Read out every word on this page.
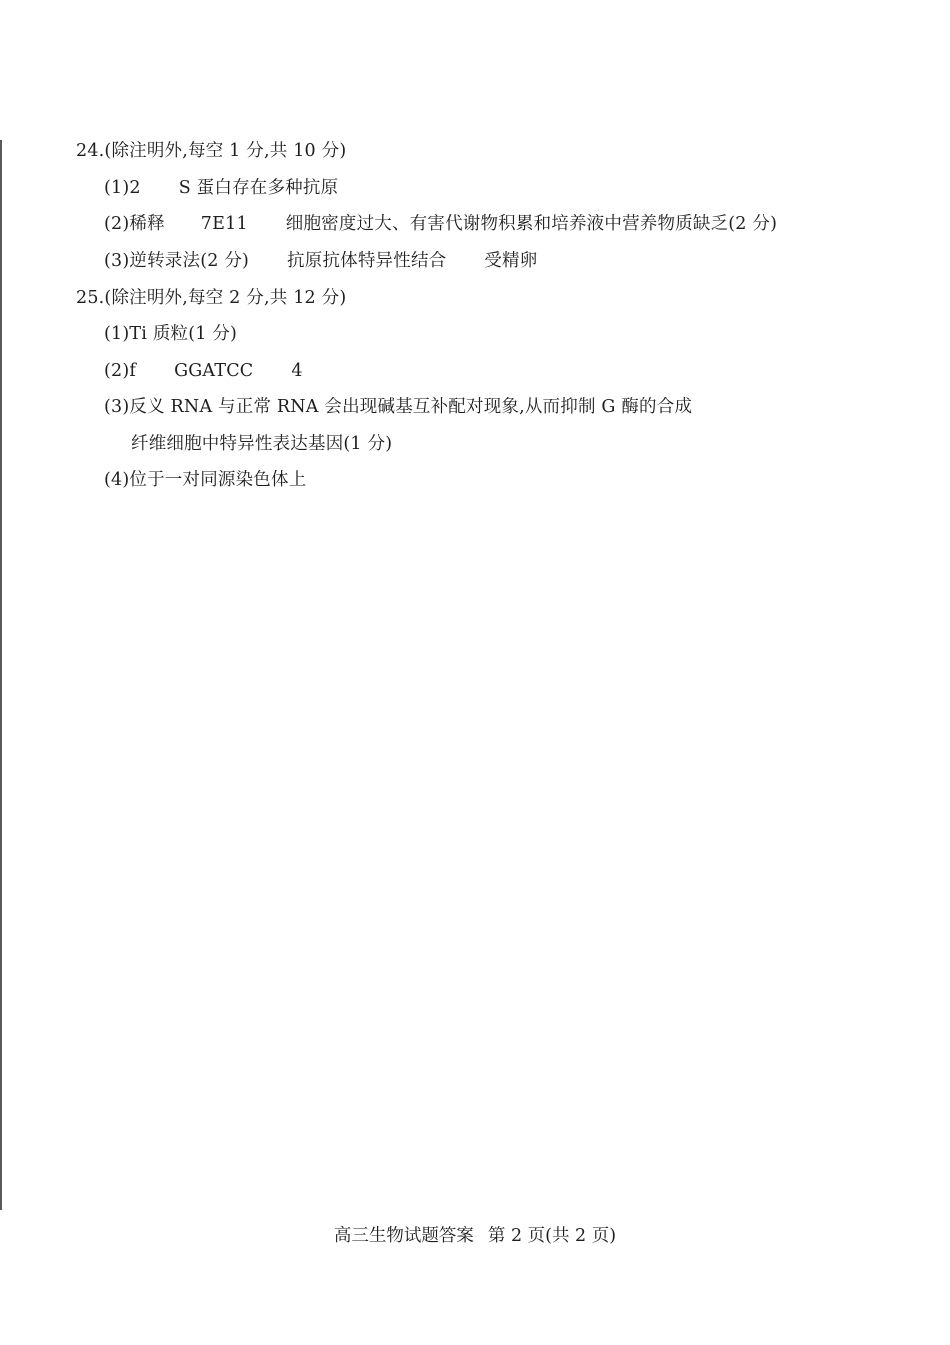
24.(除注明外,每空 1 分,共 10 分)
(1)2 S 蛋白存在多种抗原
(2)稀释 7E11 细胞密度过大、有害代谢物积累和培养液中营养物质缺乏(2 分)
(3)逆转录法(2 分) 抗原抗体特异性结合 受精卵
25.(除注明外,每空 2 分,共 12 分)
(1)Ti 质粒(1 分)
(2)f GGATCC 4
(3)反义 RNA 与正常 RNA 会出现碱基互补配对现象,从而抑制 G 酶的合成
纤维细胞中特异性表达基因(1 分)
(4)位于一对同源染色体上
高三生物试题答案 第 2 页(共 2 页)
